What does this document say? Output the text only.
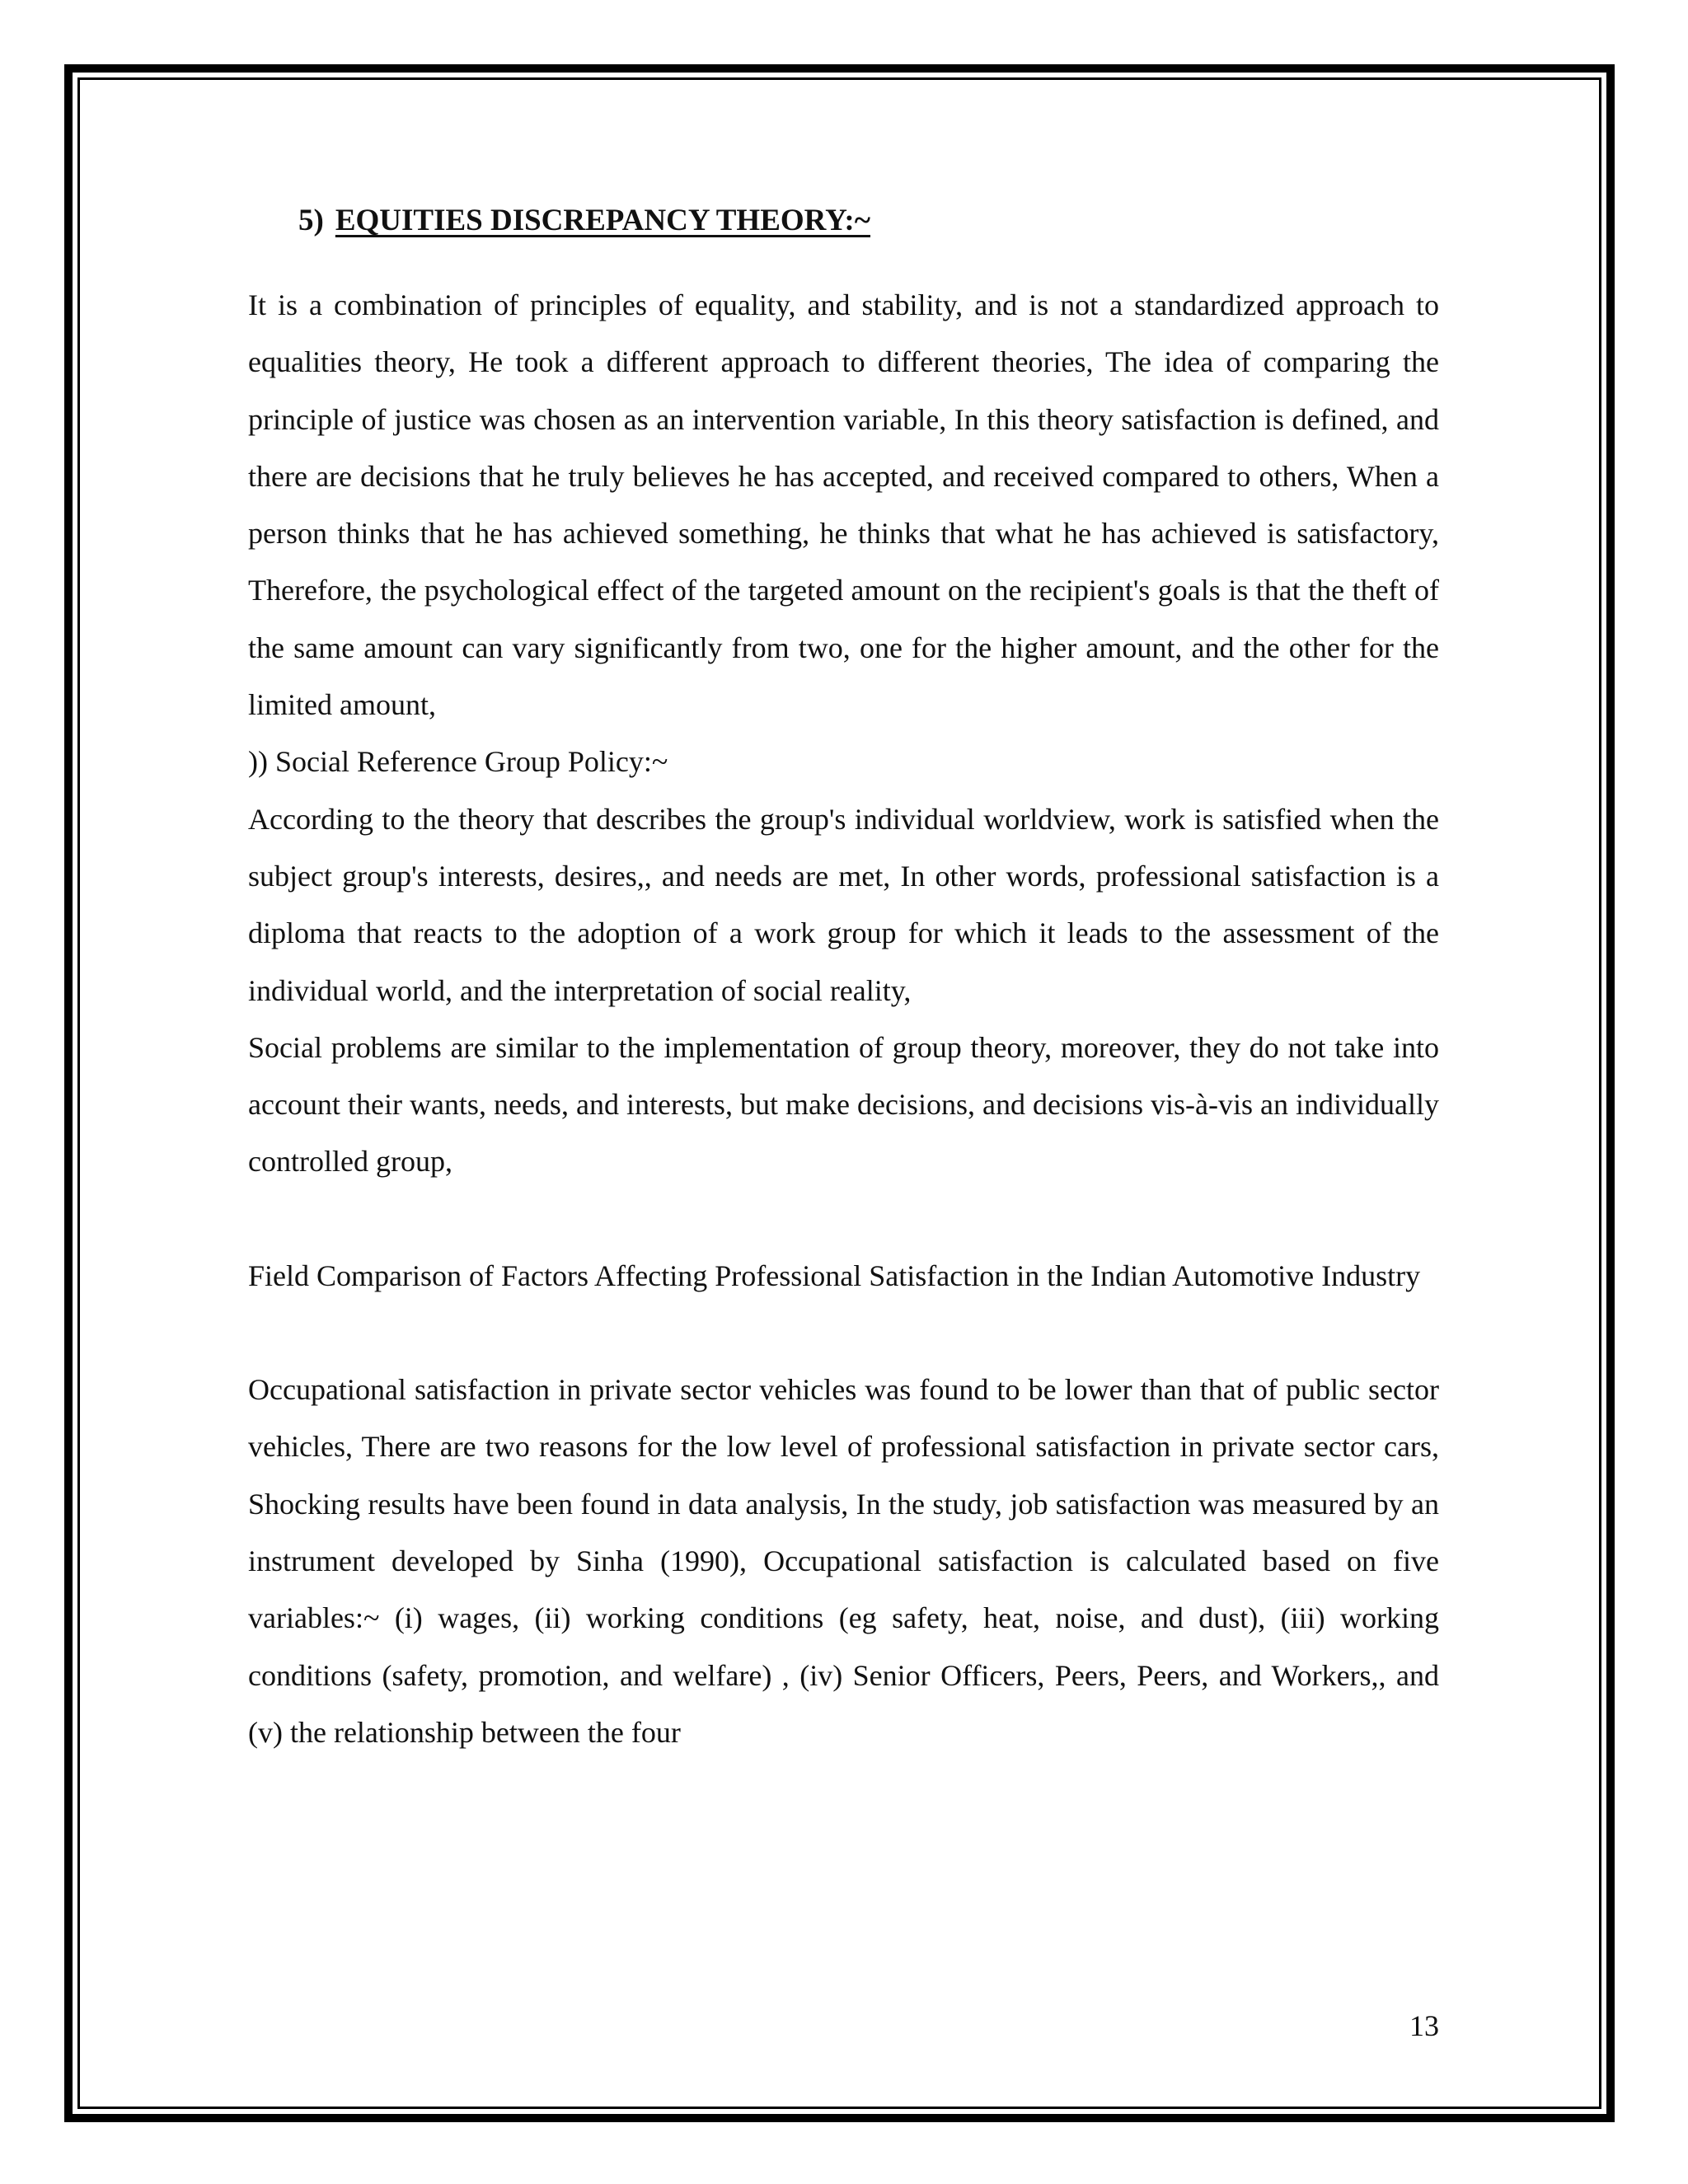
5) EQUITIES DISCREPANCY THEORY:~

It is a combination of principles of equality, and stability, and is not a standardized approach to equalities theory, He took a different approach to different theories, The idea of comparing the principle of justice was chosen as an intervention variable, In this theory satisfaction is defined, and there are decisions that he truly believes he has accepted, and received compared to others, When a person thinks that he has achieved something, he thinks that what he has achieved is satisfactory, Therefore, the psychological effect of the targeted amount on the recipient's goals is that the theft of the same amount can vary significantly from two, one for the higher amount, and the other for the limited amount,

)) Social Reference Group Policy:~

According to the theory that describes the group's individual worldview, work is satisfied when the subject group's interests, desires,, and needs are met, In other words, professional satisfaction is a diploma that reacts to the adoption of a work group for which it leads to the assessment of the individual world, and the interpretation of social reality,

Social problems are similar to the implementation of group theory, moreover, they do not take into account their wants, needs, and interests, but make decisions, and decisions vis-à-vis an individually controlled group,

Field Comparison of Factors Affecting Professional Satisfaction in the Indian Automotive Industry

Occupational satisfaction in private sector vehicles was found to be lower than that of public sector vehicles, There are two reasons for the low level of professional satisfaction in private sector cars, Shocking results have been found in data analysis, In the study, job satisfaction was measured by an instrument developed by Sinha (1990), Occupational satisfaction is calculated based on five variables:~ (i) wages, (ii) working conditions (eg safety, heat, noise, and dust), (iii) working conditions (safety, promotion, and welfare) , (iv) Senior Officers, Peers, Peers, and Workers,, and (v) the relationship between the four

13
